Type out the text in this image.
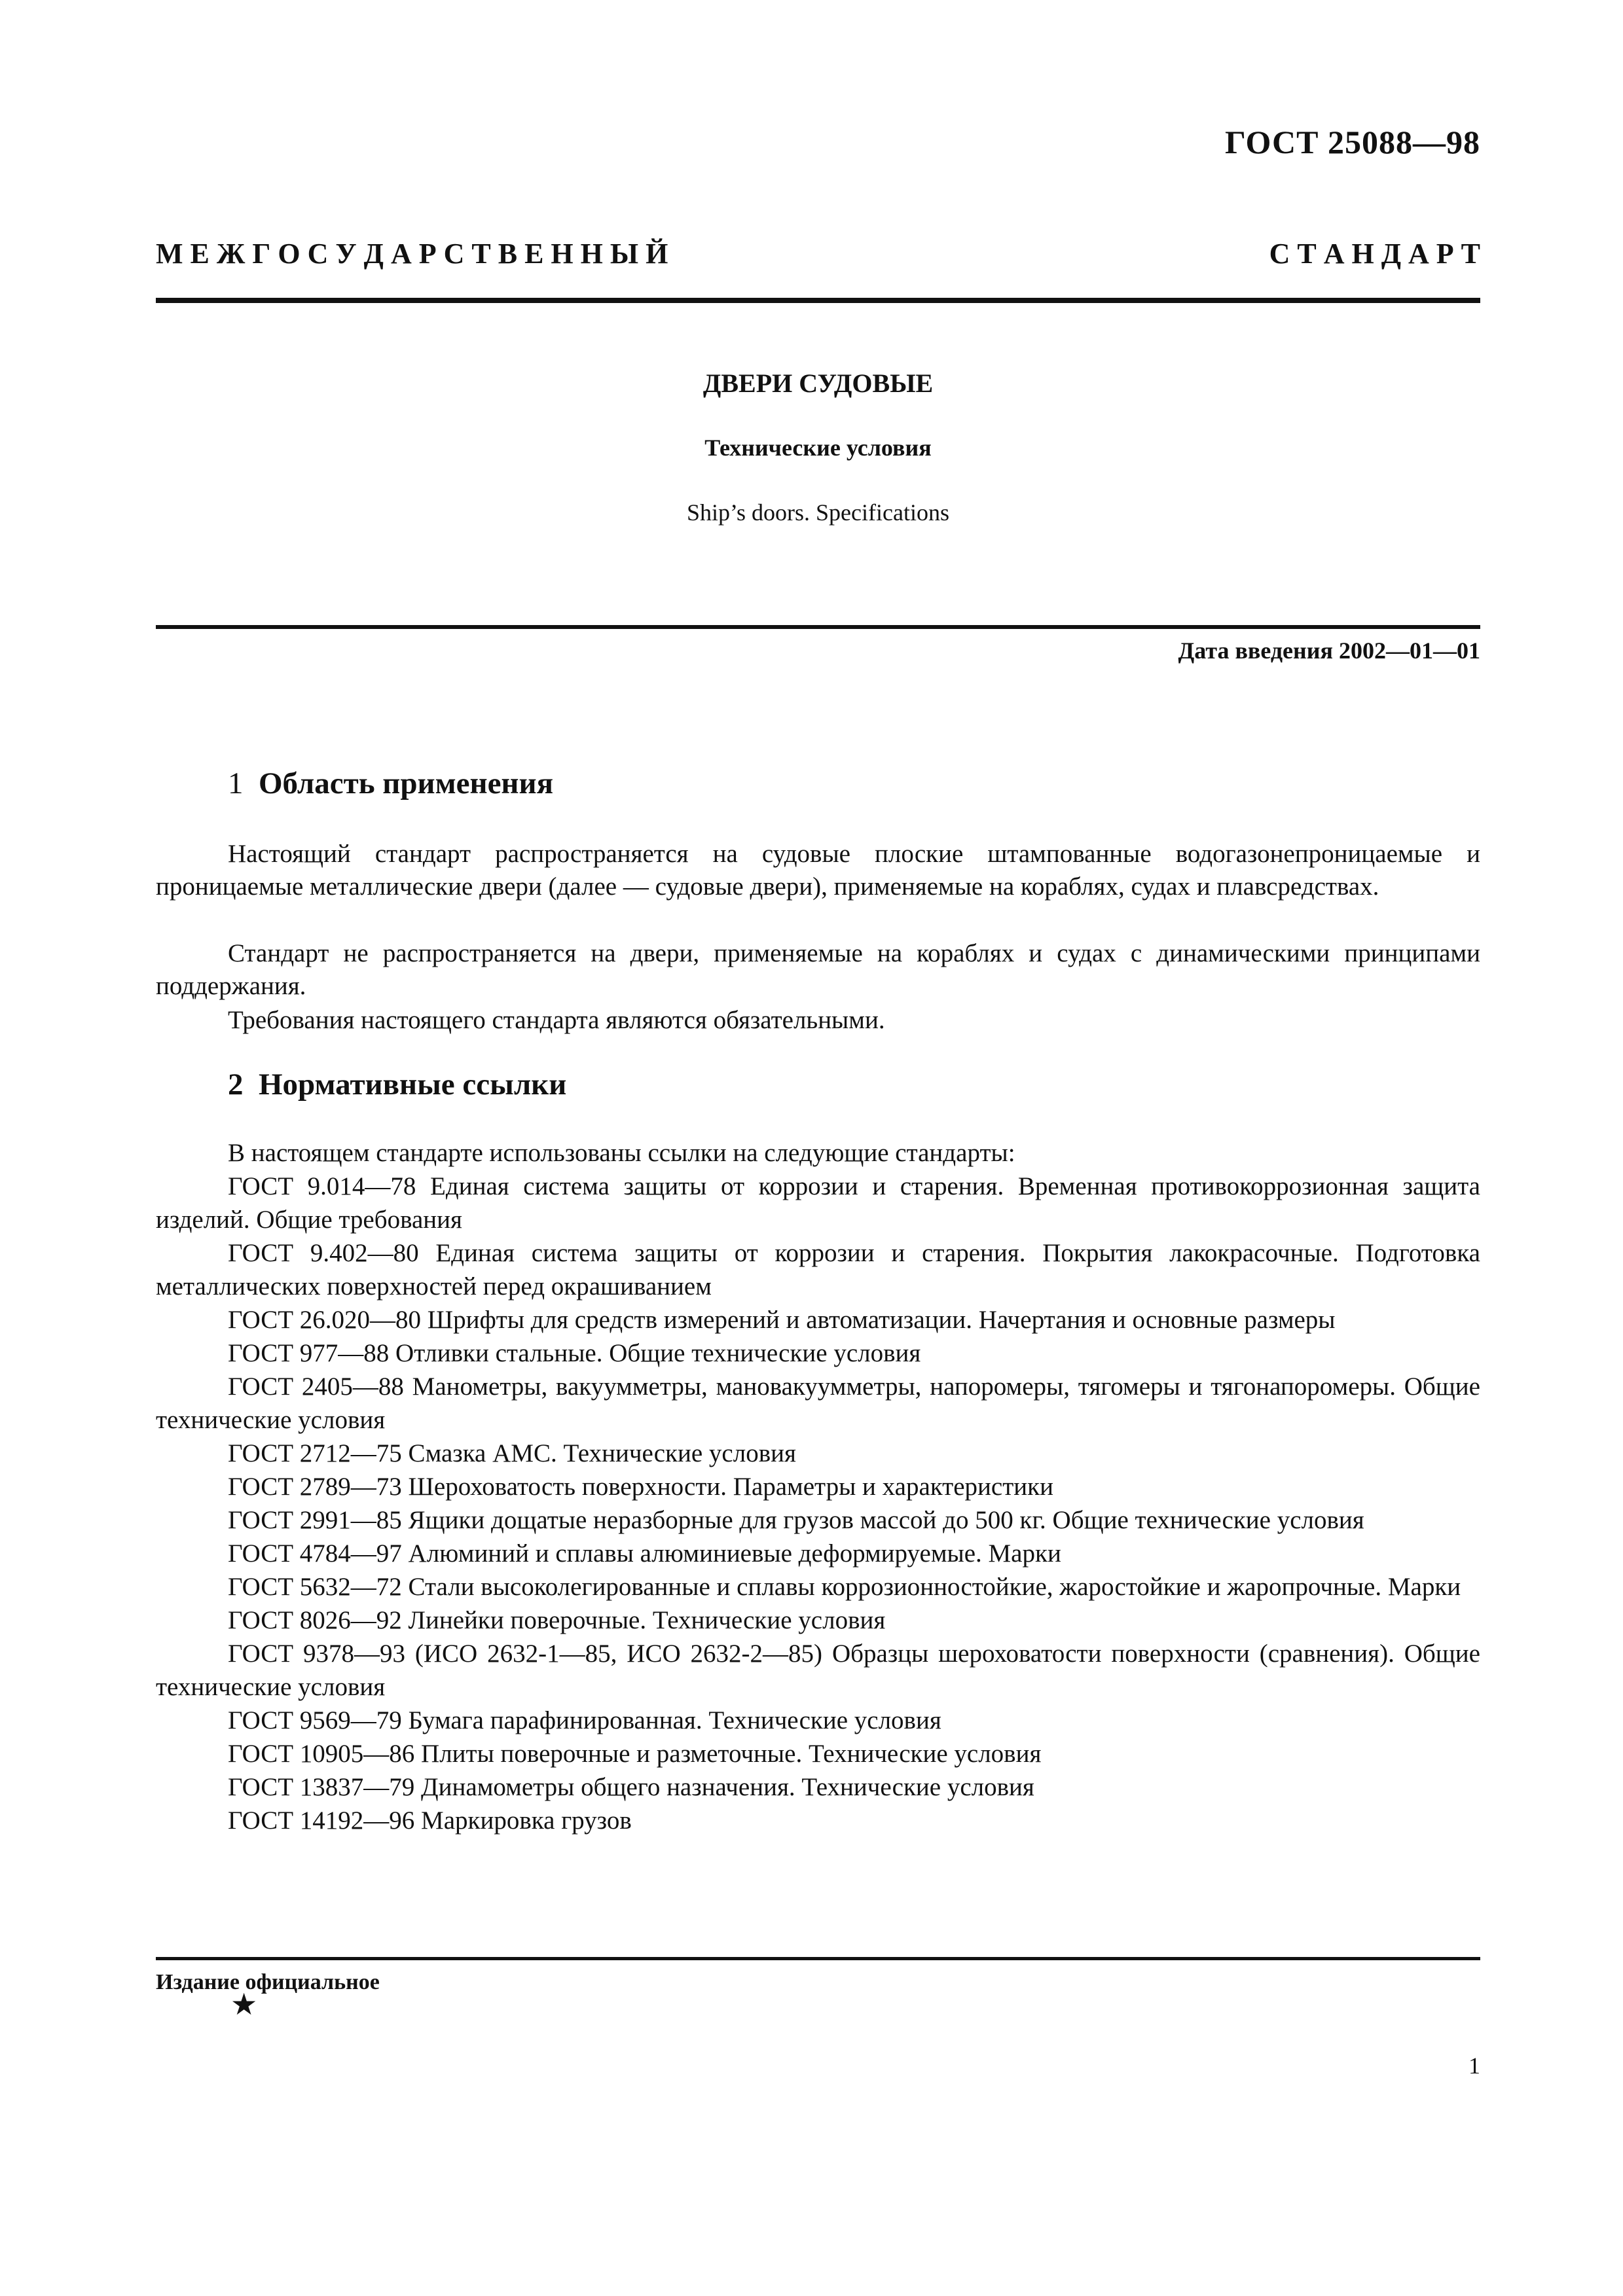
ГОСТ 25088—98
М Е Ж Г О С У Д А Р С Т В Е Н Н Ы Й	С Т А Н Д А Р Т
ДВЕРИ СУДОВЫЕ
Технические условия
Ship’s doors. Specifications
Дата введения 2002—01—01
1 Область применения
Настоящий стандарт распространяется на судовые плоские штампованные водогазонепроницаемые и проницаемые металлические двери (далее — судовые двери), применяемые на кораблях, судах и плавсредствах.
Стандарт не распространяется на двери, применяемые на кораблях и судах с динамическими принципами поддержания.
Требования настоящего стандарта являются обязательными.
2 Нормативные ссылки

В настоящем стандарте использованы ссылки на следующие стандарты:

ГОСТ 9.014—78 Единая система защиты от коррозии и старения. Временная противокоррозионная защита изделий. Общие требования

ГОСТ 9.402—80 Единая система защиты от коррозии и старения. Покрытия лакокрасочные. Подготовка металлических поверхностей перед окрашиванием

ГОСТ 26.020—80 Шрифты для средств измерений и автоматизации. Начертания и основные размеры

ГОСТ 977—88 Отливки стальные. Общие технические условия

ГОСТ 2405—88 Манометры, вакуумметры, мановакуумметры, напоромеры, тягомеры и тягонапоромеры. Общие технические условия

ГОСТ 2712—75 Смазка АМС. Технические условия

ГОСТ 2789—73 Шероховатость поверхности. Параметры и характеристики

ГОСТ 2991—85 Ящики дощатые неразборные для грузов массой до 500 кг. Общие технические условия

ГОСТ 4784—97 Алюминий и сплавы алюминиевые деформируемые. Марки

ГОСТ 5632—72 Стали высоколегированные и сплавы коррозионностойкие, жаростойкие и жаропрочные. Марки

ГОСТ 8026—92 Линейки поверочные. Технические условия

ГОСТ 9378—93 (ИСО 2632-1—85, ИСО 2632-2—85) Образцы шероховатости поверхности (сравнения). Общие технические условия

ГОСТ 9569—79 Бумага парафинированная. Технические условия

ГОСТ 10905—86 Плиты поверочные и разметочные. Технические условия

ГОСТ 13837—79 Динамометры общего назначения. Технические условия

ГОСТ 14192—96 Маркировка грузов

Издание официальное
★
1
